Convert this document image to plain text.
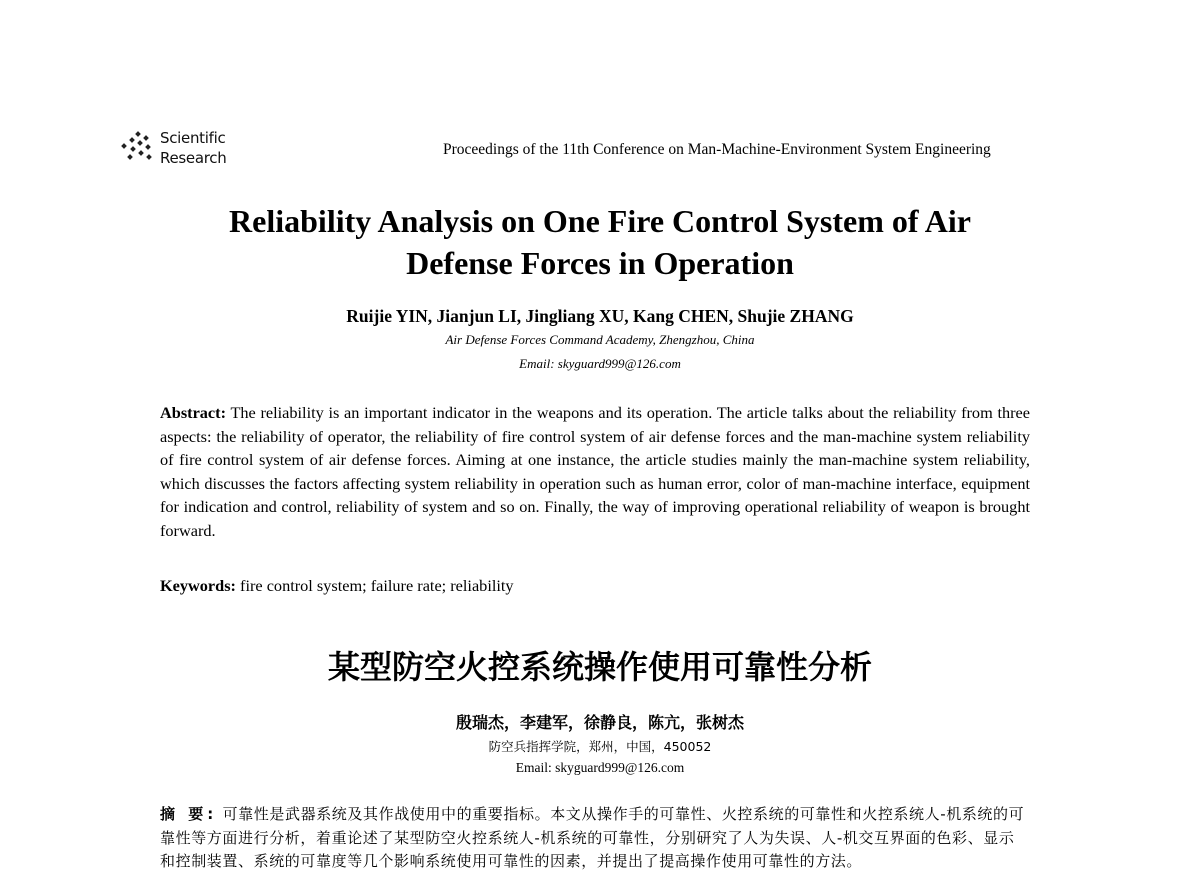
Scientific
Research	Proceedings of the 11th Conference on Man-Machine-Environment System Engineering
Reliability Analysis on One Fire Control System of Air
Defense Forces in Operation
Ruijie YIN, Jianjun LI, Jingliang XU, Kang CHEN, Shujie ZHANG
Air Defense Forces Command Academy, Zhengzhou, China
Email: skyguard999@126.com
Abstract: The reliability is an important indicator in the weapons and its operation. The article talks about the reliability from three aspects: the reliability of operator, the reliability of fire control system of air defense forces and the man-machine system reliability of fire control system of air defense forces. Aiming at one instance, the article studies mainly the man-machine system reliability, which discusses the factors affecting system reliability in operation such as human error, color of man-machine interface, equipment for indication and control, reliability of system and so on. Finally, the way of improving operational reliability of weapon is brought forward.
Keywords: fire control system; failure rate; reliability
某型防空火控系统操作使用可靠性分析
殷瑞杰，李建军，徐静良，陈亢，张树杰
防空兵指挥学院，郑州，中国，450052
Email: skyguard999@126.com
摘 要: 可靠性是武器系统及其作战使用中的重要指标。本文从操作手的可靠性、火控系统的可靠性和火控系统人-机系统的可靠性等方面进行分析，着重论述了某型防空火控系统人-机系统的可靠性，分别研究了人为失误、人-机交互界面的色彩、显示和控制装置、系统的可靠度等几个影响系统使用可靠性的因素，并提出了提高操作使用可靠性的方法。
